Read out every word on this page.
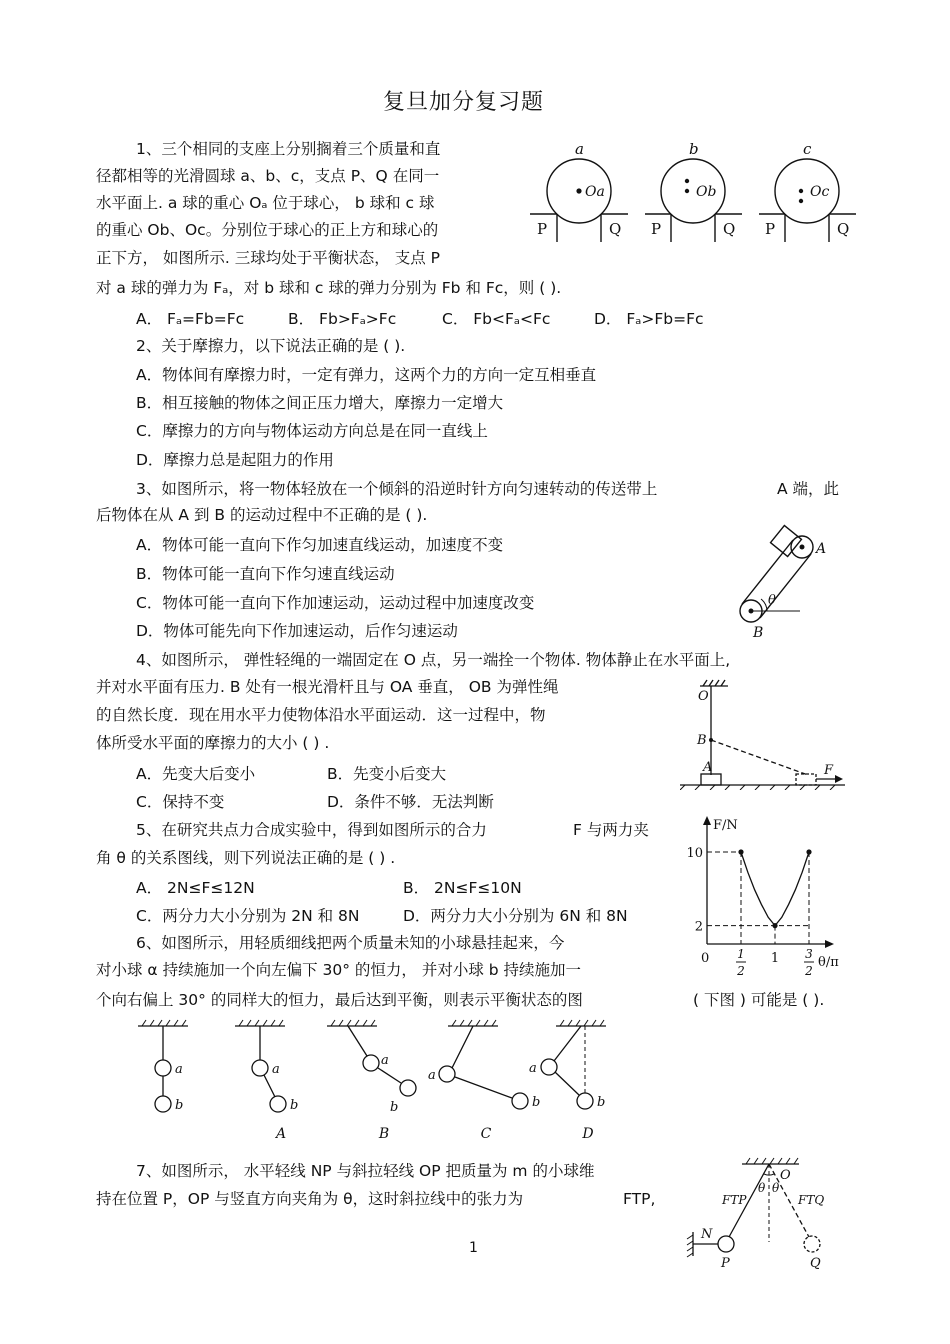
复旦加分复习题
1、三个相同的支座上分别搁着三个质量和直
径都相等的光滑圆球 a、b、c，支点 P、Q 在同一
水平面上. a 球的重心 Oₐ 位于球心， b 球和 c 球
的重心 Ob、Oc。分别位于球心的正上方和球心的
正下方， 如图所示. 三球均处于平衡状态， 支点 P
对 a 球的弹力为 Fₐ，对 b 球和 c 球的弹力分别为 Fb 和 Fc，则 ( ).
A． Fₐ=Fb=Fc	B． Fb>Fₐ>Fc	C． Fb<Fₐ<Fc	D． Fₐ>Fb=Fc
a	b	c
Oa	Ob	Oc
P	Q P	Q P	Q
2、关于摩擦力，以下说法正确的是 ( ).
A．物体间有摩擦力时，一定有弹力，这两个力的方向一定互相垂直
B．相互接触的物体之间正压力增大，摩擦力一定增大
C．摩擦力的方向与物体运动方向总是在同一直线上
D．摩擦力总是起阻力的作用
3、如图所示，将一物体轻放在一个倾斜的沿逆时针方向匀速转动的传送带上	A 端，此
后物体在从 A 到 B 的运动过程中不正确的是 ( ).
A．物体可能一直向下作匀加速直线运动，加速度不变
B．物体可能一直向下作匀速直线运动
C．物体可能一直向下作加速运动，运动过程中加速度改变
D．物体可能先向下作加速运动，后作匀速运动
A
B
θ
4、如图所示， 弹性轻绳的一端固定在 O 点，另一端拴一个物体. 物体静止在水平面上,
并对水平面有压力. B 处有一根光滑杆且与 OA 垂直， OB 为弹性绳
的自然长度．现在用水平力使物体沿水平面运动．这一过程中，物
体所受水平面的摩擦力的大小 ( ) .
A．先变大后变小	B．先变小后变大
C．保持不变	D．条件不够．无法判断
O
B
A	F
5、在研究共点力合成实验中，得到如图所示的合力	F 与两力夹
角 θ 的关系图线，则下列说法正确的是 ( ) .
A． 2N≤F≤12N	B． 2N≤F≤10N
C．两分力大小分别为 2N 和 8N	D．两分力大小分别为 6N 和 8N
F/N
θ/π
2
10
0	1
1
2
3
2
6、如图所示，用轻质细线把两个质量未知的小球悬挂起来，今
对小球 α 持续施加一个向左偏下 30° 的恒力， 并对小球 b 持续施加一
个向右偏上 30° 的同样大的恒力，最后达到平衡，则表示平衡状态的图	( 下图 ) 可能是 ( ).
a
b
a
b
a
b
a
b
a
b
A	B	C	D
7、如图所示， 水平轻线 NP 与斜拉轻线 OP 把质量为 m 的小球维
持在位置 P，OP 与竖直方向夹角为 θ，这时斜拉线中的张力为	FTP,
O
N
P	Q
FTP	FTQ
θ θ
1
